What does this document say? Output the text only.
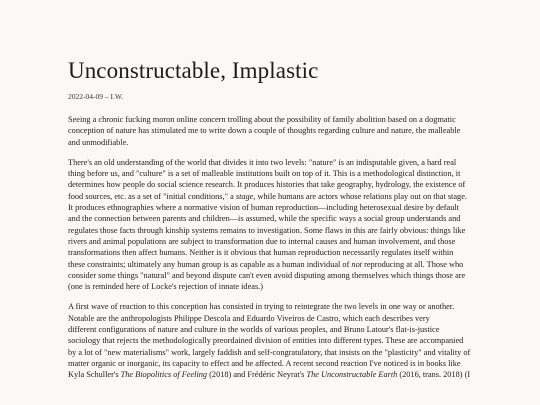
Unconstructable, Implastic
2022-04-09 – I.W.

Seeing a chronic fucking moron online concern trolling about the possibility of family abolition based on a dogmatic
conception of nature has stimulated me to write down a couple of thoughts regarding culture and nature, the malleable
and unmodifiable.

There's an old understanding of the world that divides it into two levels: "nature" is an indisputable given, a hard real
thing before us, and "culture" is a set of malleable institutions built on top of it. This is a methodological distinction, it
determines how people do social science research. It produces histories that take geography, hydrology, the existence of
food sources, etc. as a set of "initial conditions," a stage, while humans are actors whose relations play out on that stage.
It produces ethnographies where a normative vision of human reproduction—including heterosexual desire by default
and the connection between parents and children—is assumed, while the specific ways a social group understands and
regulates those facts through kinship systems remains to investigation. Some flaws in this are fairly obvious: things like
rivers and animal populations are subject to transformation due to internal causes and human involvement, and those
transformations then affect humans. Neither is it obvious that human reproduction necessarily regulates itself within
these constraints; ultimately any human group is as capable as a human individual of not reproducing at all. Those who
consider some things "natural" and beyond dispute can't even avoid disputing among themselves which things those are
(one is reminded here of Locke's rejection of innate ideas.)

A first wave of reaction to this conception has consisted in trying to reintegrate the two levels in one way or another.
Notable are the anthropologists Philippe Descola and Eduardo Viveiros de Castro, which each describes very
different configurations of nature and culture in the worlds of various peoples, and Bruno Latour's flat-is-justice
sociology that rejects the methodologically preordained division of entities into different types. These are accompanied
by a lot of "new materialisms" work, largely faddish and self-congratulatory, that insists on the "plasticity" and vitality of
matter organic or inorganic, its capacity to effect and be affected. A recent second reaction I've noticed is in books like
Kyla Schuller's The Biopolitics of Feeling (2018) and Frédéric Neyrat's The Unconstructable Earth (2016, trans. 2018) (I
